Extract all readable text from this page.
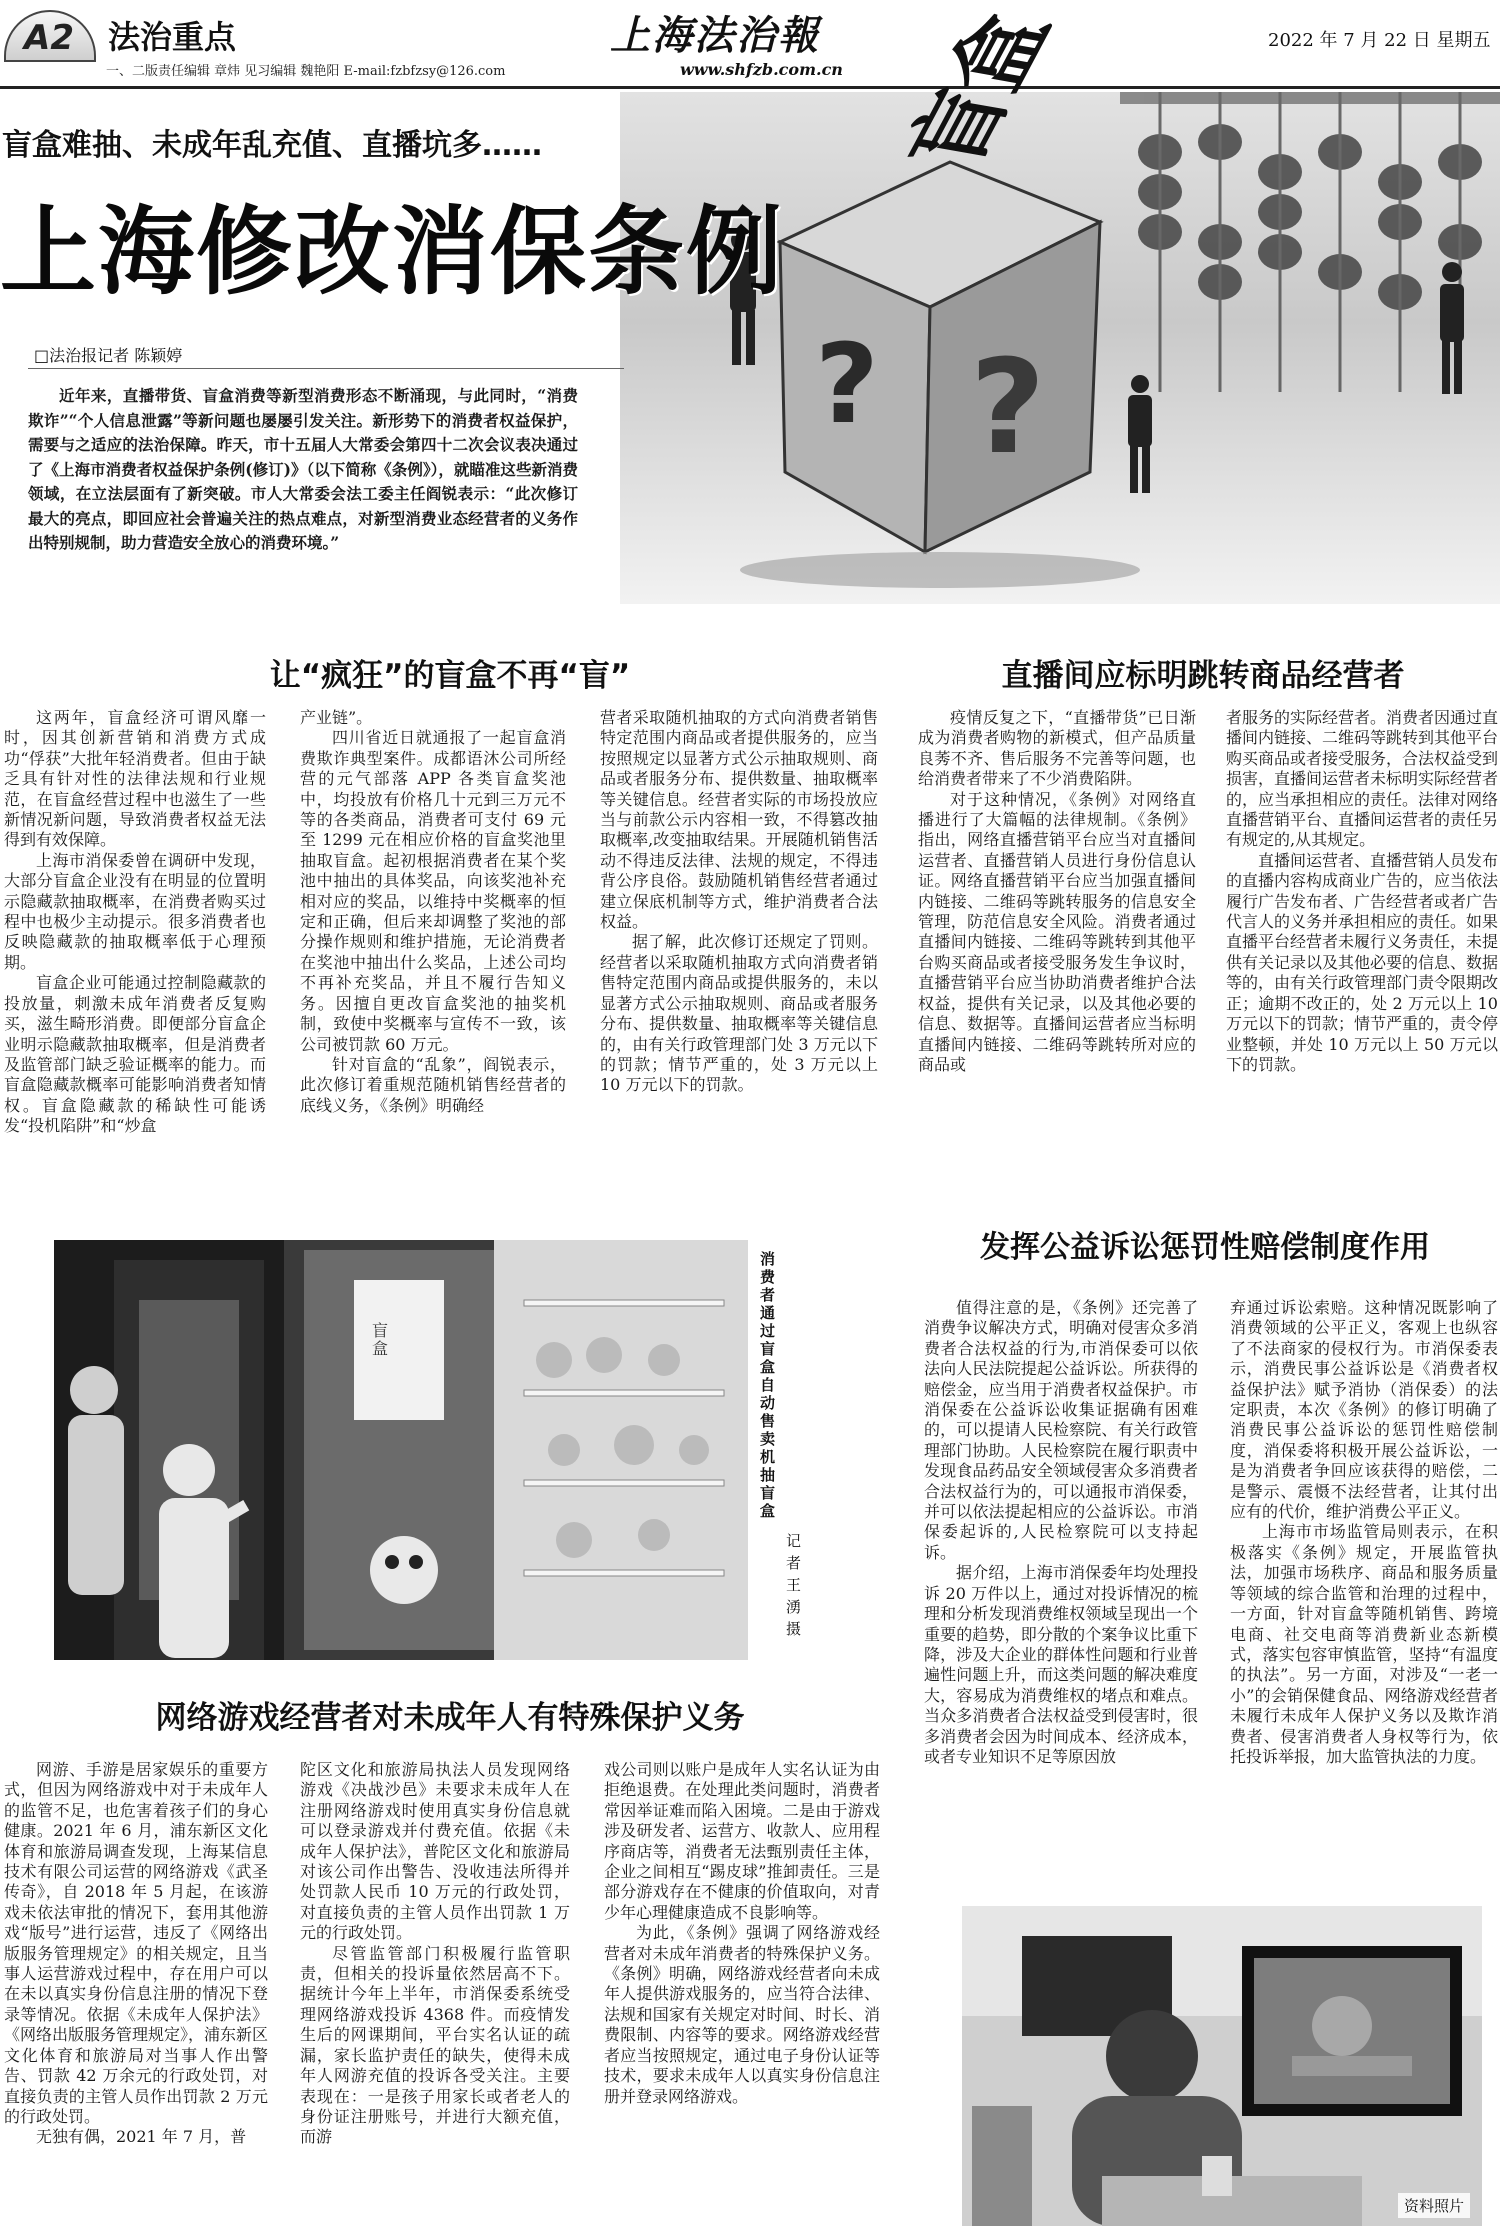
A2 法治重点
一、二版责任编辑 章炜 见习编辑 魏艳阳 E-mail:fzbfzsy@126.com
上海法治報
www.shfzb.com.cn
2022 年 7 月 22 日 星期五
? ?
盲盒
盲盒难抽、未成年乱充值、直播坑多……
上海修改消保条例
□法治报记者 陈颖婷
近年来，直播带货、盲盒消费等新型消费形态不断涌现，与此同时，“消费欺诈”“个人信息泄露”等新问题也屡屡引发关注。新形势下的消费者权益保护，需要与之适应的法治保障。昨天，市十五届人大常委会第四十二次会议表决通过了《上海市消费者权益保护条例(修订)》（以下简称《条例》），就瞄准这些新消费领域，在立法层面有了新突破。市人大常委会法工委主任阎锐表示：“此次修订最大的亮点，即回应社会普遍关注的热点难点，对新型消费业态经营者的义务作出特别规制，助力营造安全放心的消费环境。”
让“疯狂”的盲盒不再“盲”

这两年，盲盒经济可谓风靡一时，因其创新营销和消费方式成功“俘获”大批年轻消费者。但由于缺乏具有针对性的法律法规和行业规范，在盲盒经营过程中也滋生了一些新情况新问题，导致消费者权益无法得到有效保障。

上海市消保委曾在调研中发现，大部分盲盒企业没有在明显的位置明示隐藏款抽取概率，在消费者购买过程中也极少主动提示。很多消费者也反映隐藏款的抽取概率低于心理预期。

盲盒企业可能通过控制隐藏款的投放量，刺激未成年消费者反复购买，滋生畸形消费。即便部分盲盒企业明示隐藏款抽取概率，但是消费者及监管部门缺乏验证概率的能力。而盲盒隐藏款概率可能影响消费者知情权。盲盒隐藏款的稀缺性可能诱发“投机陷阱”和“炒盒

产业链”。

四川省近日就通报了一起盲盒消费欺诈典型案件。成都语沐公司所经营的元气部落 APP 各类盲盒奖池中，均投放有价格几十元到三万元不等的各类商品，消费者可支付 69 元至 1299 元在相应价格的盲盒奖池里抽取盲盒。起初根据消费者在某个奖池中抽出的具体奖品，向该奖池补充相对应的奖品，以维持中奖概率的恒定和正确，但后来却调整了奖池的部分操作规则和维护措施，无论消费者在奖池中抽出什么奖品，上述公司均不再补充奖品，并且不履行告知义务。因擅自更改盲盒奖池的抽奖机制，致使中奖概率与宣传不一致，该公司被罚款 60 万元。

针对盲盒的“乱象”，阎锐表示，此次修订着重规范随机销售经营者的底线义务，《条例》明确经

营者采取随机抽取的方式向消费者销售特定范围内商品或者提供服务的，应当按照规定以显著方式公示抽取规则、商品或者服务分布、提供数量、抽取概率等关键信息。经营者实际的市场投放应当与前款公示内容相一致，不得篡改抽取概率,改变抽取结果。开展随机销售活动不得违反法律、法规的规定，不得违背公序良俗。鼓励随机销售经营者通过建立保底机制等方式，维护消费者合法权益。

据了解，此次修订还规定了罚则。经营者以采取随机抽取方式向消费者销售特定范围内商品或提供服务的，未以显著方式公示抽取规则、商品或者服务分布、提供数量、抽取概率等关键信息的，由有关行政管理部门处 3 万元以下的罚款；情节严重的，处 3 万元以上 10 万元以下的罚款。

直播间应标明跳转商品经营者

疫情反复之下，“直播带货”已日渐成为消费者购物的新模式，但产品质量良莠不齐、售后服务不完善等问题，也给消费者带来了不少消费陷阱。

对于这种情况，《条例》对网络直播进行了大篇幅的法律规制。《条例》指出，网络直播营销平台应当对直播间运营者、直播营销人员进行身份信息认证。网络直播营销平台应当加强直播间内链接、二维码等跳转服务的信息安全管理，防范信息安全风险。消费者通过直播间内链接、二维码等跳转到其他平台购买商品或者接受服务发生争议时，直播营销平台应当协助消费者维护合法权益，提供有关记录，以及其他必要的信息、数据等。直播间运营者应当标明直播间内链接、二维码等跳转所对应的商品或

者服务的实际经营者。消费者因通过直播间内链接、二维码等跳转到其他平台购买商品或者接受服务，合法权益受到损害，直播间运营者未标明实际经营者的，应当承担相应的责任。法律对网络直播营销平台、直播间运营者的责任另有规定的,从其规定。

直播间运营者、直播营销人员发布的直播内容构成商业广告的，应当依法履行广告发布者、广告经营者或者广告代言人的义务并承担相应的责任。如果直播平台经营者未履行义务责任，未提供有关记录以及其他必要的信息、数据等的，由有关行政管理部门责令限期改正；逾期不改正的，处 2 万元以上 10 万元以下的罚款；情节严重的，责令停业整顿，并处 10 万元以上 50 万元以下的罚款。

盲盒
消费者通过盲盒自动售卖机抽盲盒
记者 王湧 摄
发挥公益诉讼惩罚性赔偿制度作用

值得注意的是，《条例》还完善了消费争议解决方式，明确对侵害众多消费者合法权益的行为,市消保委可以依法向人民法院提起公益诉讼。所获得的赔偿金，应当用于消费者权益保护。市消保委在公益诉讼收集证据确有困难的，可以提请人民检察院、有关行政管理部门协助。人民检察院在履行职责中发现食品药品安全领域侵害众多消费者合法权益行为的，可以通报市消保委，并可以依法提起相应的公益诉讼。市消保委起诉的,人民检察院可以支持起诉。

据介绍，上海市消保委年均处理投诉 20 万件以上，通过对投诉情况的梳理和分析发现消费维权领域呈现出一个重要的趋势，即分散的个案争议比重下降，涉及大企业的群体性问题和行业普遍性问题上升，而这类问题的解决难度大，容易成为消费维权的堵点和难点。当众多消费者合法权益受到侵害时，很多消费者会因为时间成本、经济成本，或者专业知识不足等原因放

弃通过诉讼索赔。这种情况既影响了消费领域的公平正义，客观上也纵容了不法商家的侵权行为。市消保委表示，消费民事公益诉讼是《消费者权益保护法》赋予消协（消保委）的法定职责，本次《条例》的修订明确了消费民事公益诉讼的惩罚性赔偿制度，消保委将积极开展公益诉讼，一是为消费者争回应该获得的赔偿，二是警示、震慑不法经营者，让其付出应有的代价，维护消费公平正义。

上海市市场监管局则表示，在积极落实《条例》规定，开展监管执法，加强市场秩序、商品和服务质量等领域的综合监管和治理的过程中，一方面，针对盲盒等随机销售、跨境电商、社交电商等消费新业态新模式，落实包容审慎监管，坚持“有温度的执法”。另一方面，对涉及“一老一小”的会销保健食品、网络游戏经营者未履行未成年人保护义务以及欺诈消费者、侵害消费者人身权等行为，依托投诉举报，加大监管执法的力度。

网络游戏经营者对未成年人有特殊保护义务

网游、手游是居家娱乐的重要方式，但因为网络游戏中对于未成年人的监管不足，也危害着孩子们的身心健康。2021 年 6 月，浦东新区文化体育和旅游局调查发现，上海某信息技术有限公司运营的网络游戏《武圣传奇》，自 2018 年 5 月起，在该游戏未依法审批的情况下，套用其他游戏“版号”进行运营，违反了《网络出版服务管理规定》的相关规定，且当事人运营游戏过程中，存在用户可以在未以真实身份信息注册的情况下登录等情况。依据《未成年人保护法》《网络出版服务管理规定》，浦东新区文化体育和旅游局对当事人作出警告、罚款 42 万余元的行政处罚，对直接负责的主管人员作出罚款 2 万元的行政处罚。

无独有偶，2021 年 7 月，普

陀区文化和旅游局执法人员发现网络游戏《决战沙邑》未要求未成年人在注册网络游戏时使用真实身份信息就可以登录游戏并付费充值。依据《未成年人保护法》，普陀区文化和旅游局对该公司作出警告、没收违法所得并处罚款人民币 10 万元的行政处罚，对直接负责的主管人员作出罚款 1 万元的行政处罚。

尽管监管部门积极履行监管职责，但相关的投诉量依然居高不下。据统计今年上半年，市消保委系统受理网络游戏投诉 4368 件。而疫情发生后的网课期间，平台实名认证的疏漏，家长监护责任的缺失，使得未成年人网游充值的投诉各受关注。主要表现在：一是孩子用家长或者老人的身份证注册账号，并进行大额充值，而游

戏公司则以账户是成年人实名认证为由拒绝退费。在处理此类问题时，消费者常因举证难而陷入困境。二是由于游戏涉及研发者、运营方、收款人、应用程序商店等，消费者无法甄别责任主体，企业之间相互“踢皮球”推卸责任。三是部分游戏存在不健康的价值取向，对青少年心理健康造成不良影响等。

为此，《条例》强调了网络游戏经营者对未成年消费者的特殊保护义务。《条例》明确，网络游戏经营者向未成年人提供游戏服务的，应当符合法律、法规和国家有关规定对时间、时长、消费限制、内容等的要求。网络游戏经营者应当按照规定，通过电子身份认证等技术，要求未成年人以真实身份信息注册并登录网络游戏。

资料照片
